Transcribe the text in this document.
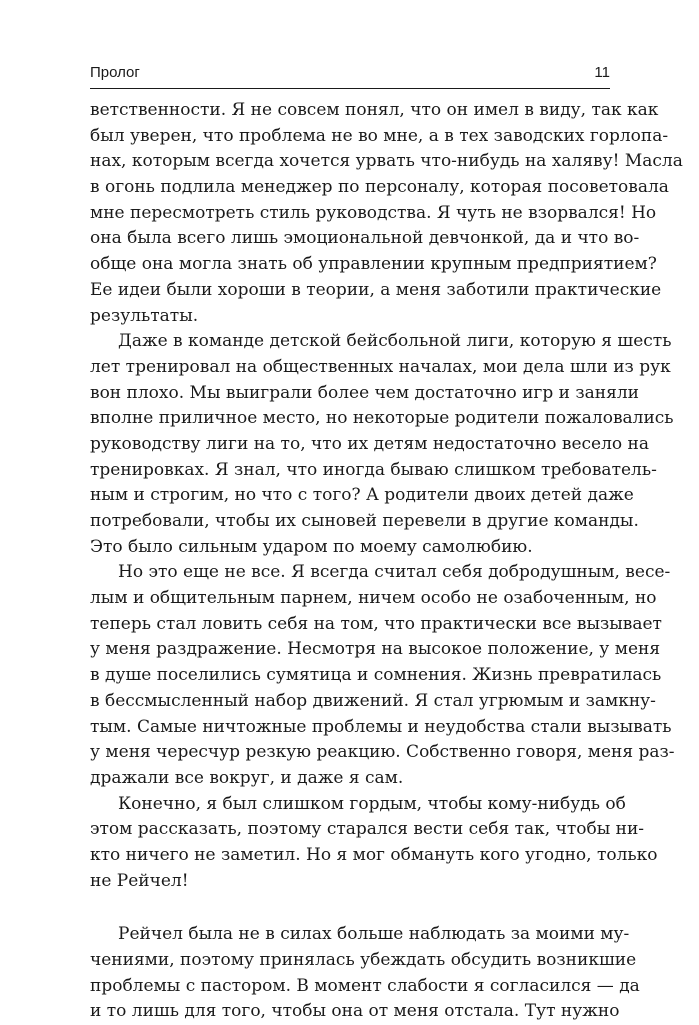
Пролог	11
ветственности. Я не совсем понял, что он имел в виду, так как
был уверен, что проблема не во мне, а в тех заводских горлопа-
нах, которым всегда хочется урвать что-нибудь на халяву! Масла
в огонь подлила менеджер по персоналу, которая посоветовала
мне пересмотреть стиль руководства. Я чуть не взорвался! Но
она была всего лишь эмоциональной девчонкой, да и что во-
обще она могла знать об управлении крупным предприятием?
Ее идеи были хороши в теории, а меня заботили практические
результаты.
Даже в команде детской бейсбольной лиги, которую я шесть
лет тренировал на общественных началах, мои дела шли из рук
вон плохо. Мы выиграли более чем достаточно игр и заняли
вполне приличное место, но некоторые родители пожаловались
руководству лиги на то, что их детям недостаточно весело на
тренировках. Я знал, что иногда бываю слишком требователь-
ным и строгим, но что с того? А родители двоих детей даже
потребовали, чтобы их сыновей перевели в другие команды.
Это было сильным ударом по моему самолюбию.
Но это еще не все. Я всегда считал себя добродушным, весе-
лым и общительным парнем, ничем особо не озабоченным, но
теперь стал ловить себя на том, что практически все вызывает
у меня раздражение. Несмотря на высокое положение, у меня
в душе поселились сумятица и сомнения. Жизнь превратилась
в бессмысленный набор движений. Я стал угрюмым и замкну-
тым. Самые ничтожные проблемы и неудобства стали вызывать
у меня чересчур резкую реакцию. Собственно говоря, меня раз-
дражали все вокруг, и даже я сам.
Конечно, я был слишком гордым, чтобы кому-нибудь об
этом рассказать, поэтому старался вести себя так, чтобы ни-
кто ничего не заметил. Но я мог обмануть кого угодно, только
не Рейчел!
Рейчел была не в силах больше наблюдать за моими му-
чениями, поэтому принялась убеждать обсудить возникшие
проблемы с пастором. В момент слабости я согласился — да
и то лишь для того, чтобы она от меня отстала. Тут нужно
